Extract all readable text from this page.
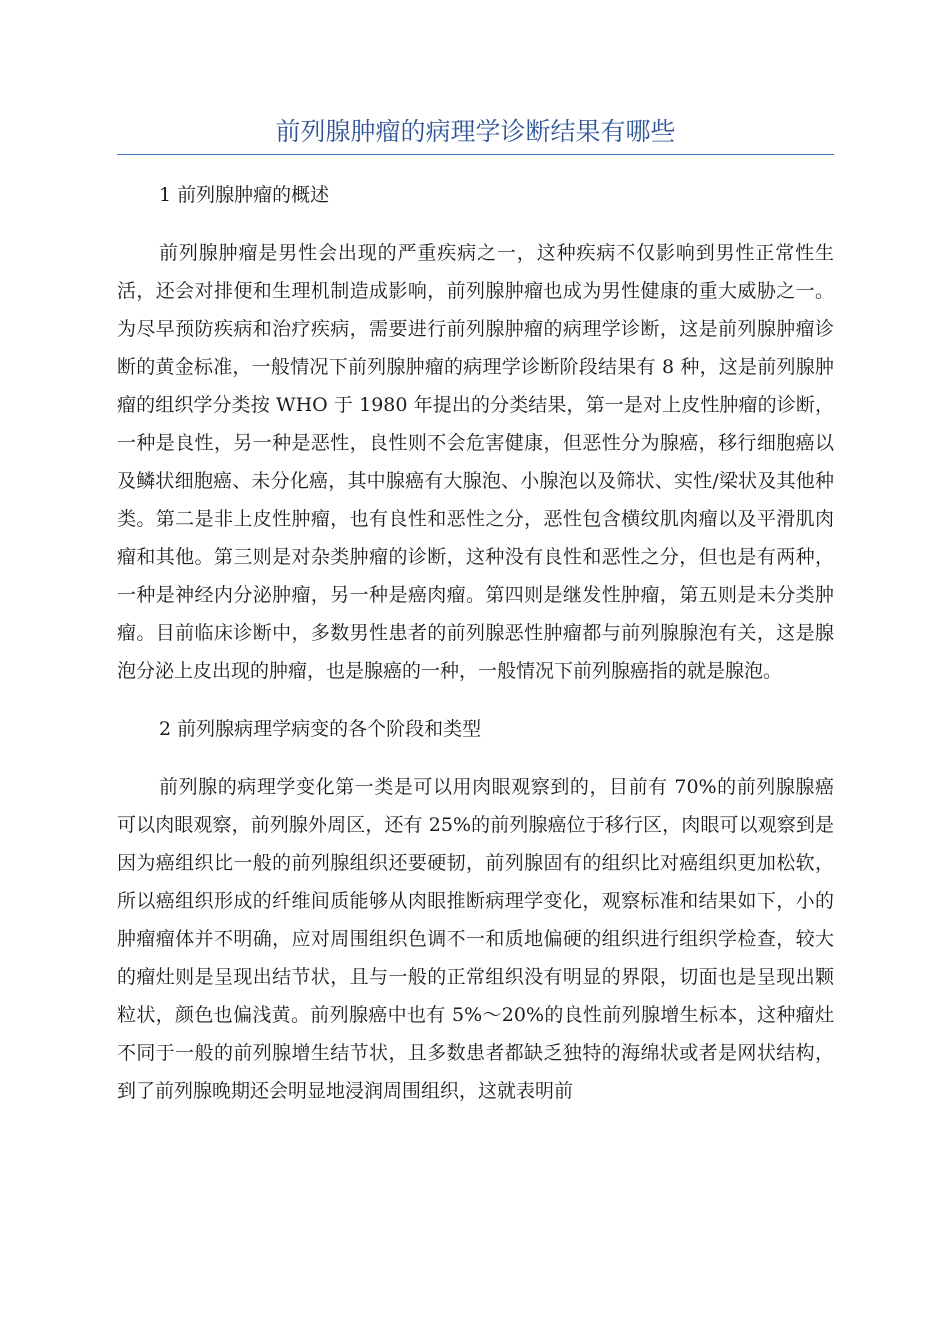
前列腺肿瘤的病理学诊断结果有哪些

1 前列腺肿瘤的概述

前列腺肿瘤是男性会出现的严重疾病之一，这种疾病不仅影响到男性正常性生活，还会对排便和生理机制造成影响，前列腺肿瘤也成为男性健康的重大威胁之一。为尽早预防疾病和治疗疾病，需要进行前列腺肿瘤的病理学诊断，这是前列腺肿瘤诊断的黄金标准，一般情况下前列腺肿瘤的病理学诊断阶段结果有 8 种，这是前列腺肿瘤的组织学分类按 WHO 于 1980 年提出的分类结果，第一是对上皮性肿瘤的诊断，一种是良性，另一种是恶性，良性则不会危害健康，但恶性分为腺癌，移行细胞癌以及鳞状细胞癌、未分化癌，其中腺癌有大腺泡、小腺泡以及筛状、实性/梁状及其他种类。第二是非上皮性肿瘤，也有良性和恶性之分，恶性包含横纹肌肉瘤以及平滑肌肉瘤和其他。第三则是对杂类肿瘤的诊断，这种没有良性和恶性之分，但也是有两种，一种是神经内分泌肿瘤，另一种是癌肉瘤。第四则是继发性肿瘤，第五则是未分类肿瘤。目前临床诊断中，多数男性患者的前列腺恶性肿瘤都与前列腺腺泡有关，这是腺泡分泌上皮出现的肿瘤，也是腺癌的一种，一般情况下前列腺癌指的就是腺泡。

2 前列腺病理学病变的各个阶段和类型

前列腺的病理学变化第一类是可以用肉眼观察到的，目前有 70%的前列腺腺癌可以肉眼观察，前列腺外周区，还有 25%的前列腺癌位于移行区，肉眼可以观察到是因为癌组织比一般的前列腺组织还要硬韧，前列腺固有的组织比对癌组织更加松软，所以癌组织形成的纤维间质能够从肉眼推断病理学变化，观察标准和结果如下，小的肿瘤瘤体并不明确，应对周围组织色调不一和质地偏硬的组织进行组织学检查，较大的瘤灶则是呈现出结节状，且与一般的正常组织没有明显的界限，切面也是呈现出颗粒状，颜色也偏浅黄。前列腺癌中也有 5%～20%的良性前列腺增生标本，这种瘤灶不同于一般的前列腺增生结节状，且多数患者都缺乏独特的海绵状或者是网状结构，到了前列腺晚期还会明显地浸润周围组织，这就表明前
